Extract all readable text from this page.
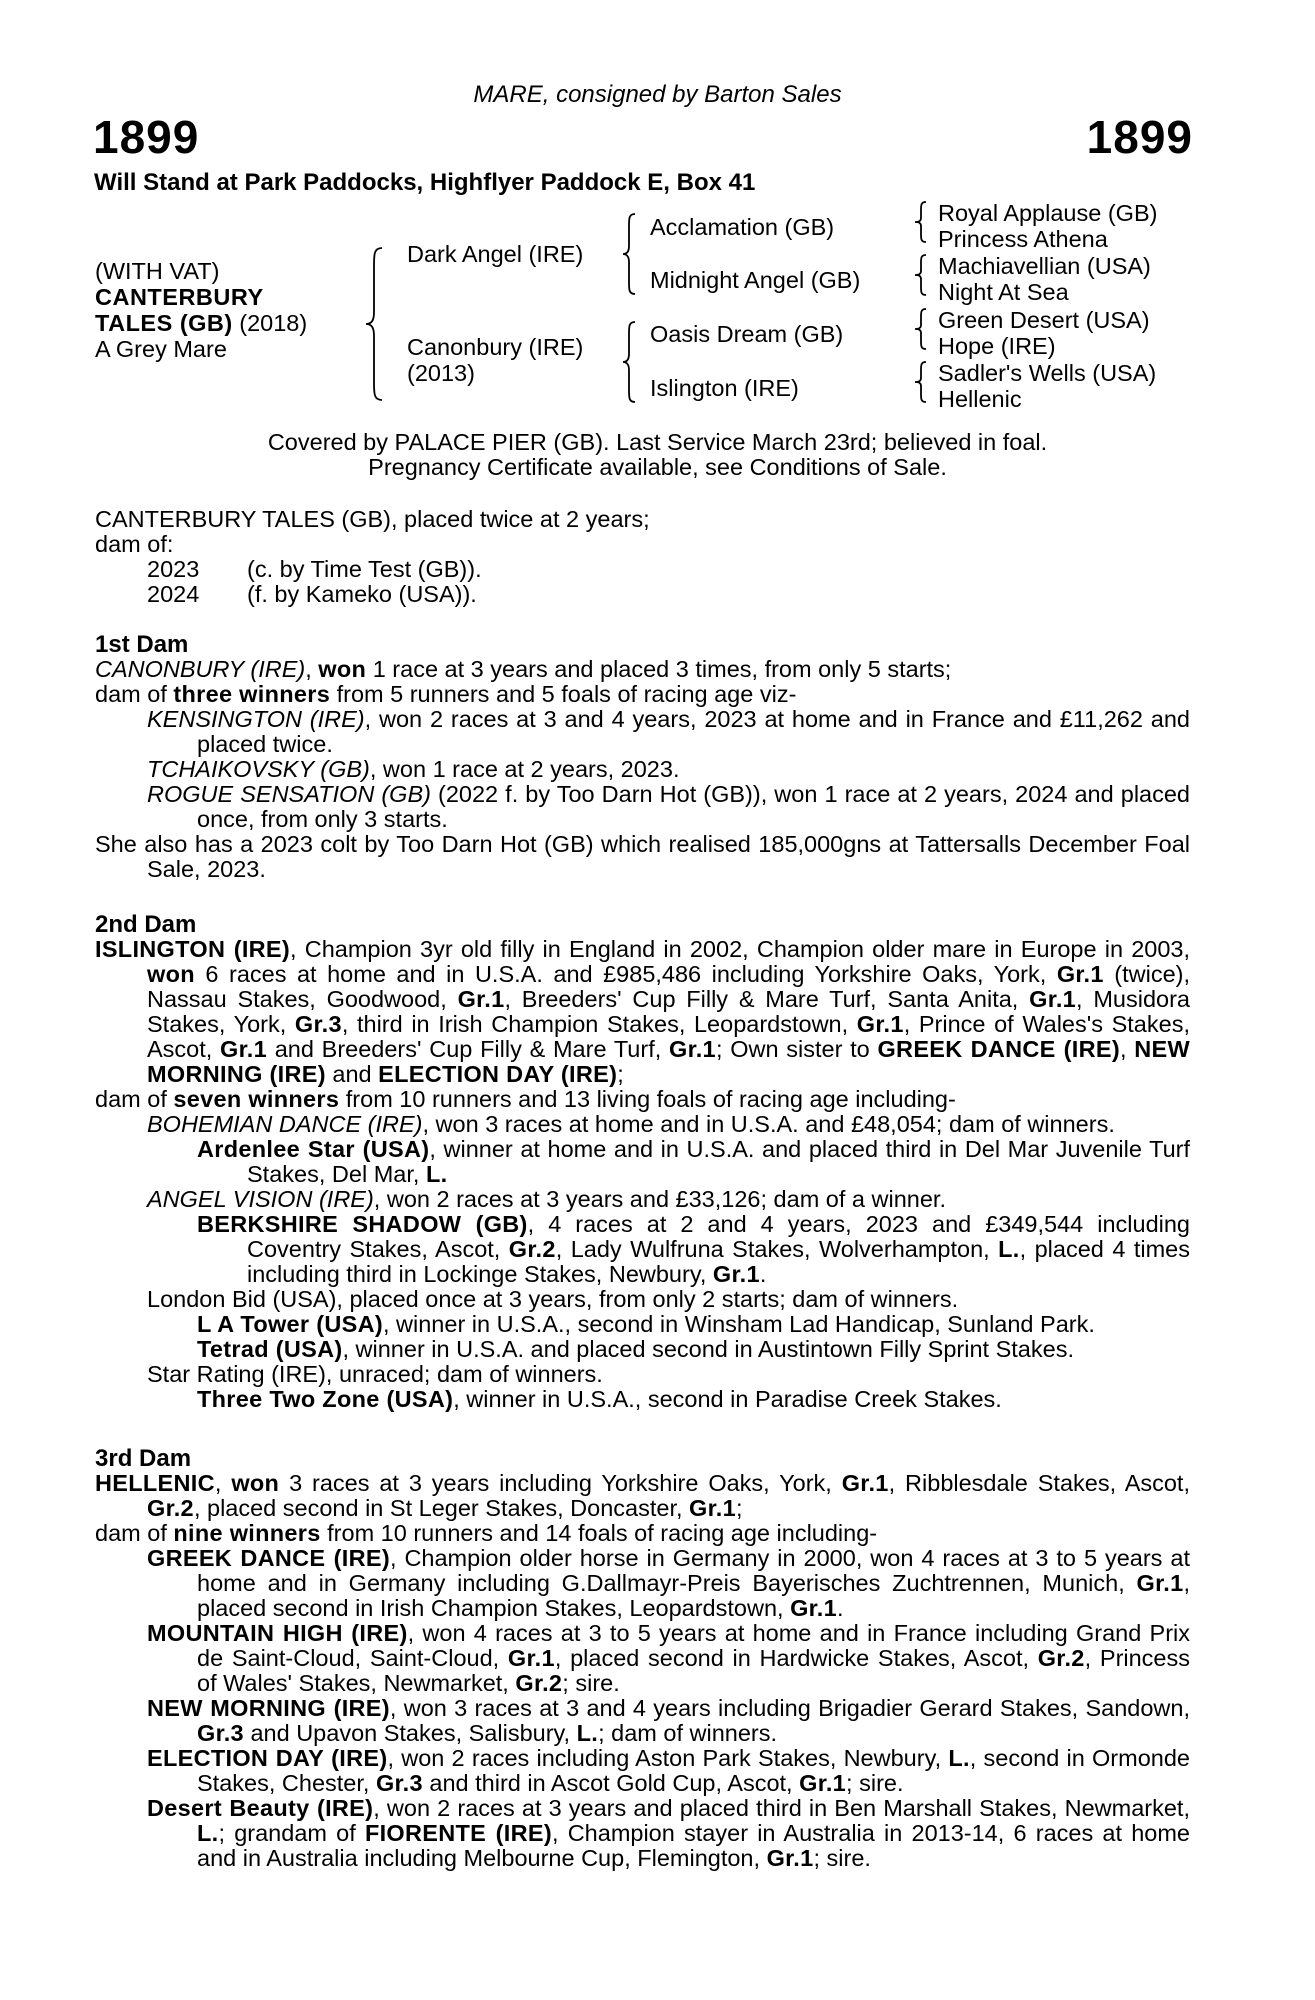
MARE, consigned by Barton Sales
1899	1899
Will Stand at Park Paddocks, Highflyer Paddock E, Box 41
(WITH VAT)
CANTERBURY
TALES (GB) (2018)
A Grey Mare
Dark Angel (IRE)
Canonbury (IRE)
(2013)
Acclamation (GB)
Midnight Angel (GB)
Oasis Dream (GB)
Islington (IRE)
Royal Applause (GB)
Princess Athena
Machiavellian (USA)
Night At Sea
Green Desert (USA)
Hope (IRE)
Sadler's Wells (USA)
Hellenic
Covered by PALACE PIER (GB). Last Service March 23rd; believed in foal.
Pregnancy Certificate available, see Conditions of Sale.
CANTERBURY TALES (GB), placed twice at 2 years;
dam of:
2023 (c. by Time Test (GB)).
2024 (f. by Kameko (USA)).
1st Dam
CANONBURY (IRE), won 1 race at 3 years and placed 3 times, from only 5 starts;
dam of three winners from 5 runners and 5 foals of racing age viz-
KENSINGTON (IRE), won 2 races at 3 and 4 years, 2023 at home and in France and £11,262 and placed twice.
TCHAIKOVSKY (GB), won 1 race at 2 years, 2023.
ROGUE SENSATION (GB) (2022 f. by Too Darn Hot (GB)), won 1 race at 2 years, 2024 and placed once, from only 3 starts.
She also has a 2023 colt by Too Darn Hot (GB) which realised 185,000gns at Tattersalls December Foal Sale, 2023.
2nd Dam
ISLINGTON (IRE), Champion 3yr old filly in England in 2002, Champion older mare in Europe in 2003, won 6 races at home and in U.S.A. and £985,486 including Yorkshire Oaks, York, Gr.1 (twice), Nassau Stakes, Goodwood, Gr.1, Breeders' Cup Filly & Mare Turf, Santa Anita, Gr.1, Musidora Stakes, York, Gr.3, third in Irish Champion Stakes, Leopardstown, Gr.1, Prince of Wales's Stakes, Ascot, Gr.1 and Breeders' Cup Filly & Mare Turf, Gr.1; Own sister to GREEK DANCE (IRE), NEW MORNING (IRE) and ELECTION DAY (IRE);
dam of seven winners from 10 runners and 13 living foals of racing age including-
BOHEMIAN DANCE (IRE), won 3 races at home and in U.S.A. and £48,054; dam of winners.
Ardenlee Star (USA), winner at home and in U.S.A. and placed third in Del Mar Juvenile Turf Stakes, Del Mar, L.
ANGEL VISION (IRE), won 2 races at 3 years and £33,126; dam of a winner.
BERKSHIRE SHADOW (GB), 4 races at 2 and 4 years, 2023 and £349,544 including Coventry Stakes, Ascot, Gr.2, Lady Wulfruna Stakes, Wolverhampton, L., placed 4 times including third in Lockinge Stakes, Newbury, Gr.1.
London Bid (USA), placed once at 3 years, from only 2 starts; dam of winners.
L A Tower (USA), winner in U.S.A., second in Winsham Lad Handicap, Sunland Park.
Tetrad (USA), winner in U.S.A. and placed second in Austintown Filly Sprint Stakes.
Star Rating (IRE), unraced; dam of winners.
Three Two Zone (USA), winner in U.S.A., second in Paradise Creek Stakes.
3rd Dam
HELLENIC, won 3 races at 3 years including Yorkshire Oaks, York, Gr.1, Ribblesdale Stakes, Ascot, Gr.2, placed second in St Leger Stakes, Doncaster, Gr.1;
dam of nine winners from 10 runners and 14 foals of racing age including-
GREEK DANCE (IRE), Champion older horse in Germany in 2000, won 4 races at 3 to 5 years at home and in Germany including G.Dallmayr-Preis Bayerisches Zuchtrennen, Munich, Gr.1, placed second in Irish Champion Stakes, Leopardstown, Gr.1.
MOUNTAIN HIGH (IRE), won 4 races at 3 to 5 years at home and in France including Grand Prix de Saint-Cloud, Saint-Cloud, Gr.1, placed second in Hardwicke Stakes, Ascot, Gr.2, Princess of Wales' Stakes, Newmarket, Gr.2; sire.
NEW MORNING (IRE), won 3 races at 3 and 4 years including Brigadier Gerard Stakes, Sandown, Gr.3 and Upavon Stakes, Salisbury, L.; dam of winners.
ELECTION DAY (IRE), won 2 races including Aston Park Stakes, Newbury, L., second in Ormonde Stakes, Chester, Gr.3 and third in Ascot Gold Cup, Ascot, Gr.1; sire.
Desert Beauty (IRE), won 2 races at 3 years and placed third in Ben Marshall Stakes, Newmarket, L.; grandam of FIORENTE (IRE), Champion stayer in Australia in 2013-14, 6 races at home and in Australia including Melbourne Cup, Flemington, Gr.1; sire.
